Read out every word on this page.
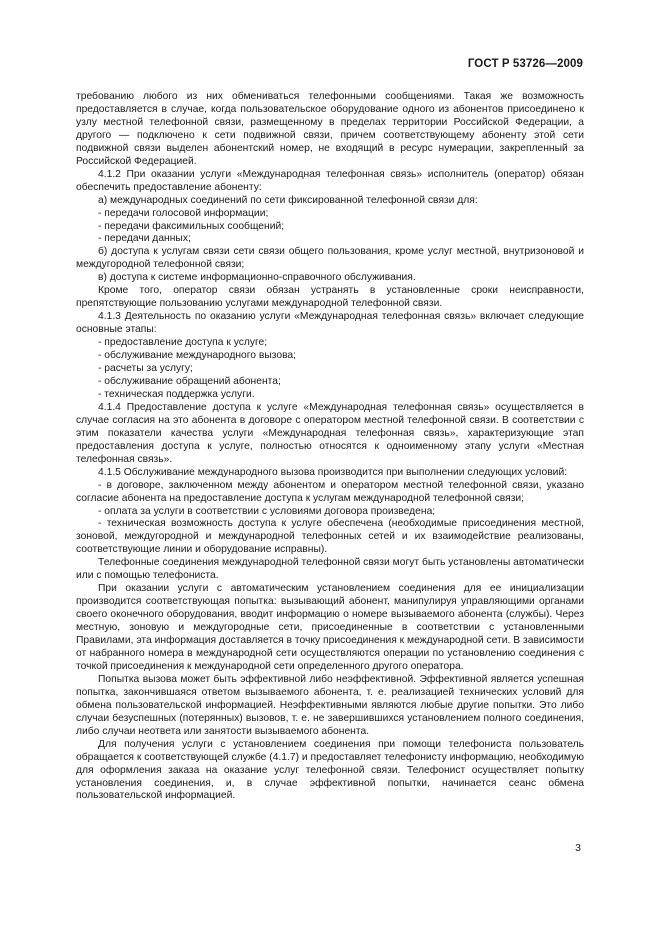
ГОСТ Р 53726—2009

требованию любого из них обмениваться телефонными сообщениями. Такая же возможность предоставляется в случае, когда пользовательское оборудование одного из абонентов присоединено к узлу местной телефонной связи, размещенному в пределах территории Российской Федерации, а другого — подключено к сети подвижной связи, причем соответствующему абоненту этой сети подвижной связи выделен абонентский номер, не входящий в ресурс нумерации, закрепленный за Российской Федерацией.

4.1.2 При оказании услуги «Международная телефонная связь» исполнитель (оператор) обязан обеспечить предоставление абоненту:

а) международных соединений по сети фиксированной телефонной связи для:

- передачи голосовой информации;

- передачи факсимильных сообщений;

- передачи данных;

б) доступа к услугам связи сети связи общего пользования, кроме услуг местной, внутризоновой и междугородной телефонной связи;

в) доступа к системе информационно-справочного обслуживания.

Кроме того, оператор связи обязан устранять в установленные сроки неисправности, препятствующие пользованию услугами международной телефонной связи.

4.1.3 Деятельность по оказанию услуги «Международная телефонная связь» включает следующие основные этапы:

- предоставление доступа к услуге;

- обслуживание международного вызова;

- расчеты за услугу;

- обслуживание обращений абонента;

- техническая поддержка услуги.

4.1.4 Предоставление доступа к услуге «Международная телефонная связь» осуществляется в случае согласия на это абонента в договоре с оператором местной телефонной связи. В соответствии с этим показатели качества услуги «Международная телефонная связь», характеризующие этап предоставления доступа к услуге, полностью относятся к одноименному этапу услуги «Местная телефонная связь».

4.1.5 Обслуживание международного вызова производится при выполнении следующих условий:

- в договоре, заключенном между абонентом и оператором местной телефонной связи, указано согласие абонента на предоставление доступа к услугам международной телефонной связи;

- оплата за услуги в соответствии с условиями договора произведена;

- техническая возможность доступа к услуге обеспечена (необходимые присоединения местной, зоновой, междугородной и международной телефонных сетей и их взаимодействие реализованы, соответствующие линии и оборудование исправны).

Телефонные соединения международной телефонной связи могут быть установлены автоматически или с помощью телефониста.

При оказании услуги с автоматическим установлением соединения для ее инициализации производится соответствующая попытка: вызывающий абонент, манипулируя управляющими органами своего оконечного оборудования, вводит информацию о номере вызываемого абонента (службы). Через местную, зоновую и междугородные сети, присоединенные в соответствии с установленными Правилами, эта информация доставляется в точку присоединения к международной сети. В зависимости от набранного номера в международной сети осуществляются операции по установлению соединения с точкой присоединения к международной сети определенного другого оператора.

Попытка вызова может быть эффективной либо неэффективной. Эффективной является успешная попытка, закончившаяся ответом вызываемого абонента, т. е. реализацией технических условий для обмена пользовательской информацией. Неэффективными являются любые другие попытки. Это либо случаи безуспешных (потерянных) вызовов, т. е. не завершившихся установлением полного соединения, либо случаи неответа или занятости вызываемого абонента.

Для получения услуги с установлением соединения при помощи телефониста пользователь обращается к соответствующей службе (4.1.7) и предоставляет телефонисту информацию, необходимую для оформления заказа на оказание услуг телефонной связи. Телефонист осуществляет попытку установления соединения, и, в случае эффективной попытки, начинается сеанс обмена пользовательской информацией.

3
